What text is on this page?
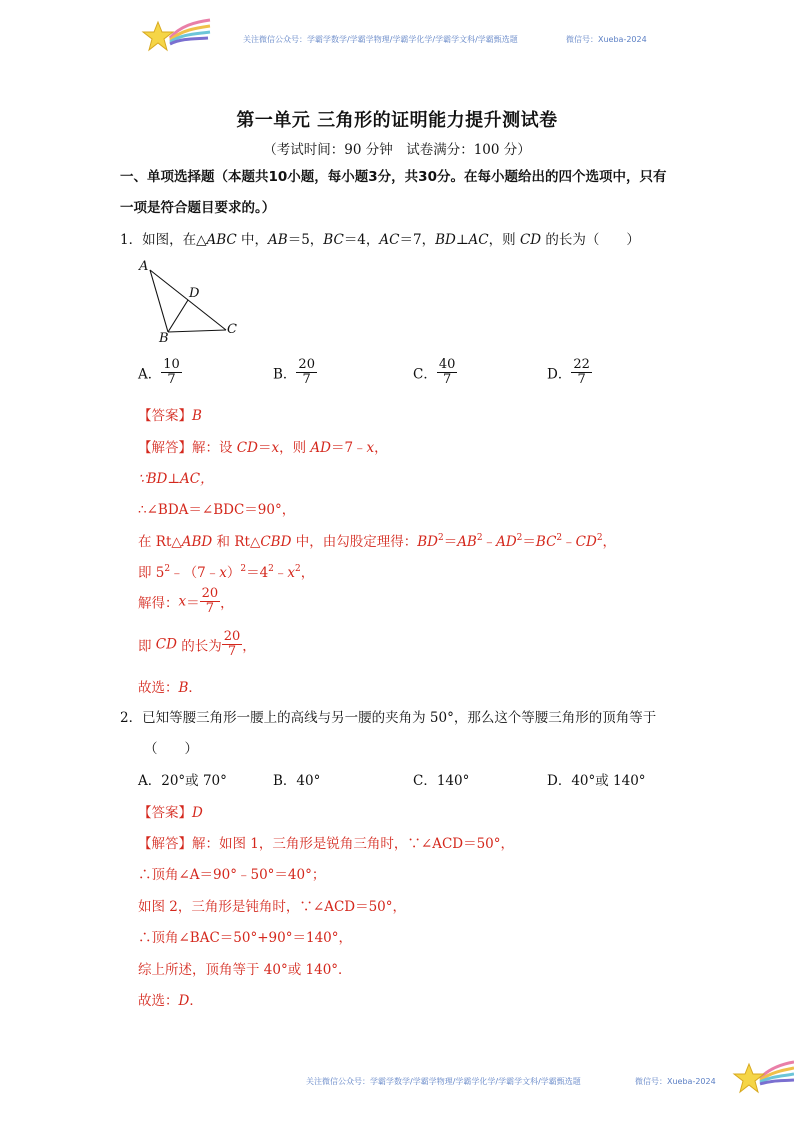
关注微信公众号：学霸学数学/学霸学物理/学霸学化学/学霸学文科/学霸甄选题	微信号：Xueba-2024
第一单元 三角形的证明能力提升测试卷
（考试时间：90 分钟　试卷满分：100 分）
一、单项选择题（本题共10小题，每小题3分，共30分。在每小题给出的四个选项中，只有
一项是符合题目要求的。）
1．如图，在△ABC 中，AB＝5，BC＝4，AC＝7，BD⊥AC，则 CD 的长为（　　）
A
D
C
B
A． $\frac{10}{7}$	B． $\frac{20}{7}$	C． $\frac{40}{7}$	D． $\frac{22}{7}$
【答案】B
【解答】解：设 CD＝x，则 AD＝7﹣x，
∵BD⊥AC，
∴∠BDA＝∠BDC＝90°，
在 Rt△ABD 和 Rt△CBD 中，由勾股定理得：$BD^2=AB^2﹣AD^2=BC^2﹣CD^2$，
即 $5^2﹣(7﹣x)^2=4^2﹣x^2$，
解得：$x= \frac{20}{7}$ ，
即 CD 的长为 $\frac{20}{7}$ ，
故选：B．
2．已知等腰三角形一腰上的高线与另一腰的夹角为 50°，那么这个等腰三角形的顶角等于
（　　）
A．20°或 70°	B．40°	C．140°	D．40°或 140°
【答案】D
【解答】解：如图 1，三角形是锐角三角时，∵∠ACD＝50°，
∴顶角∠A＝90°﹣50°＝40°；
如图 2，三角形是钝角时，∵∠ACD＝50°，
∴顶角∠BAC＝50°+90°＝140°，
综上所述，顶角等于 40°或 140°．
故选：D．
关注微信公众号：学霸学数学/学霸学物理/学霸学化学/学霸学文科/学霸甄选题	微信号：Xueba-2024
